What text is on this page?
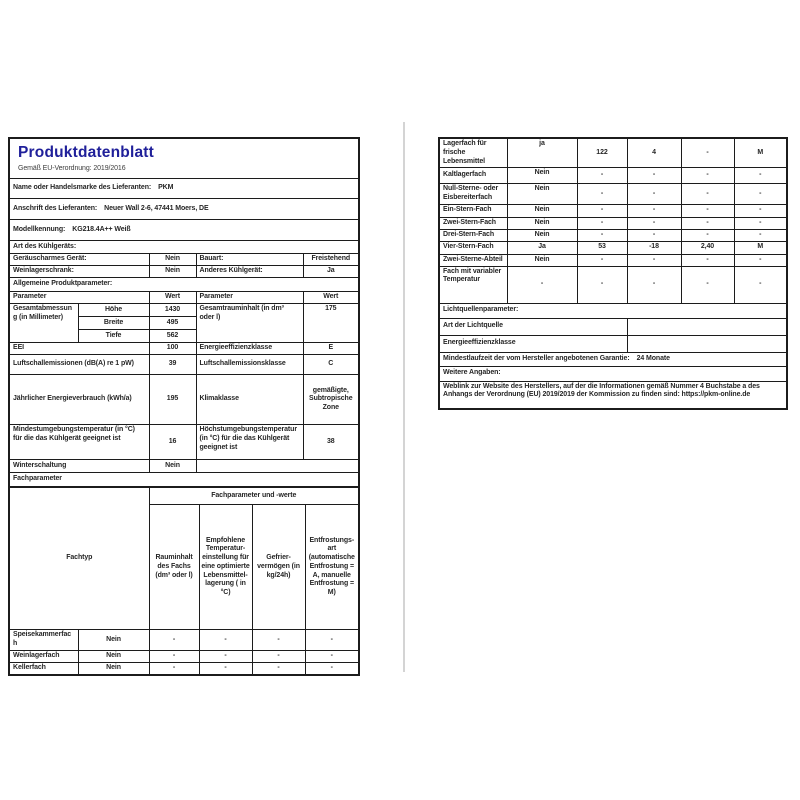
Produktdatenblatt
Gemäß EU-Verordnung: 2019/2016				

Name oder Handelsmarke des Lieferanten: PKM				
Anschrift des Lieferanten: Neuer Wall 2-6, 47441 Moers, DE				
Modellkennung: KG218.4A++ Weiß				
Art des Kühlgeräts:				
Geräuscharmes Gerät:		Nein	Bauart:	Freistehend
Weinlagerschrank:		Nein	Anderes Kühlgerät:	Ja
Allgemeine Produktparameter:				
Parameter		Wert	Parameter	Wert
Gesamtabmessung (in Millimeter)	Höhe	1430	Gesamtrauminhalt (in dm³ oder l)	175
	Breite	495		
	Tiefe	562		
EEI		100	Energieeffizienzklasse	E
Luftschallemissionen (dB(A) re 1 pW)		39	Luftschallemissionsklasse	C
Jährlicher Energieverbrauch (kWh/a)		195	Klimaklasse	gemäßigte, Subtropische Zone
Mindestumgebungstemperatur (in °C) für die das Kühlgerät geeignet ist		16	Höchstumgebungstemperatur (in °C) für die das Kühlgerät geeignet ist	38
Winterschaltung		Nein		
Fachparameter				
Fachtyp		Fachparameter und -werte			
		Rauminhalt des Fachs (dm³ oder l)	Empfohlene Temperatur-einstellung für eine optimierte Lebensmittel-lagerung ( in °C)	Gefrier-vermögen (in kg/24h)	Entfrostungs-art (automatische Entfrostung = A, manuelle Entfrostung = M)
Speisekammerfach	Nein	-	-	-	-
Weinlagerfach	Nein	-	-	-	-
Kellerfach	Nein	-	-	-	-
Lagerfach für frische Lebensmittel	ja	122	4	-	M
Kaltlagerfach	Nein	-	-	-	-
Null-Sterne- oder Eisbereiterfach	Nein	-	-	-	-
Ein-Stern-Fach	Nein	-	-	-	-
Zwei-Stern-Fach	Nein	-	-	-	-
Drei-Stern-Fach	Nein	-	-	-	-
Vier-Stern-Fach	Ja	53	-18	2,40	M
Zwei-Sterne-Abteil	Nein	-	-	-	-
Fach mit variabler Temperatur	-	-	-	-	-
Lichtquellenparameter:					
Art der Lichtquelle					
Energieeffizienzklasse					
Mindestlaufzeit der vom Hersteller angebotenen Garantie: 24 Monate					
Weitere Angaben:					
Weblink zur Website des Herstellers, auf der die Informationen gemäß Nummer 4 Buchstabe a des Anhangs der Verordnung (EU) 2019/2019 der Kommission zu finden sind: https://pkm-online.de					
